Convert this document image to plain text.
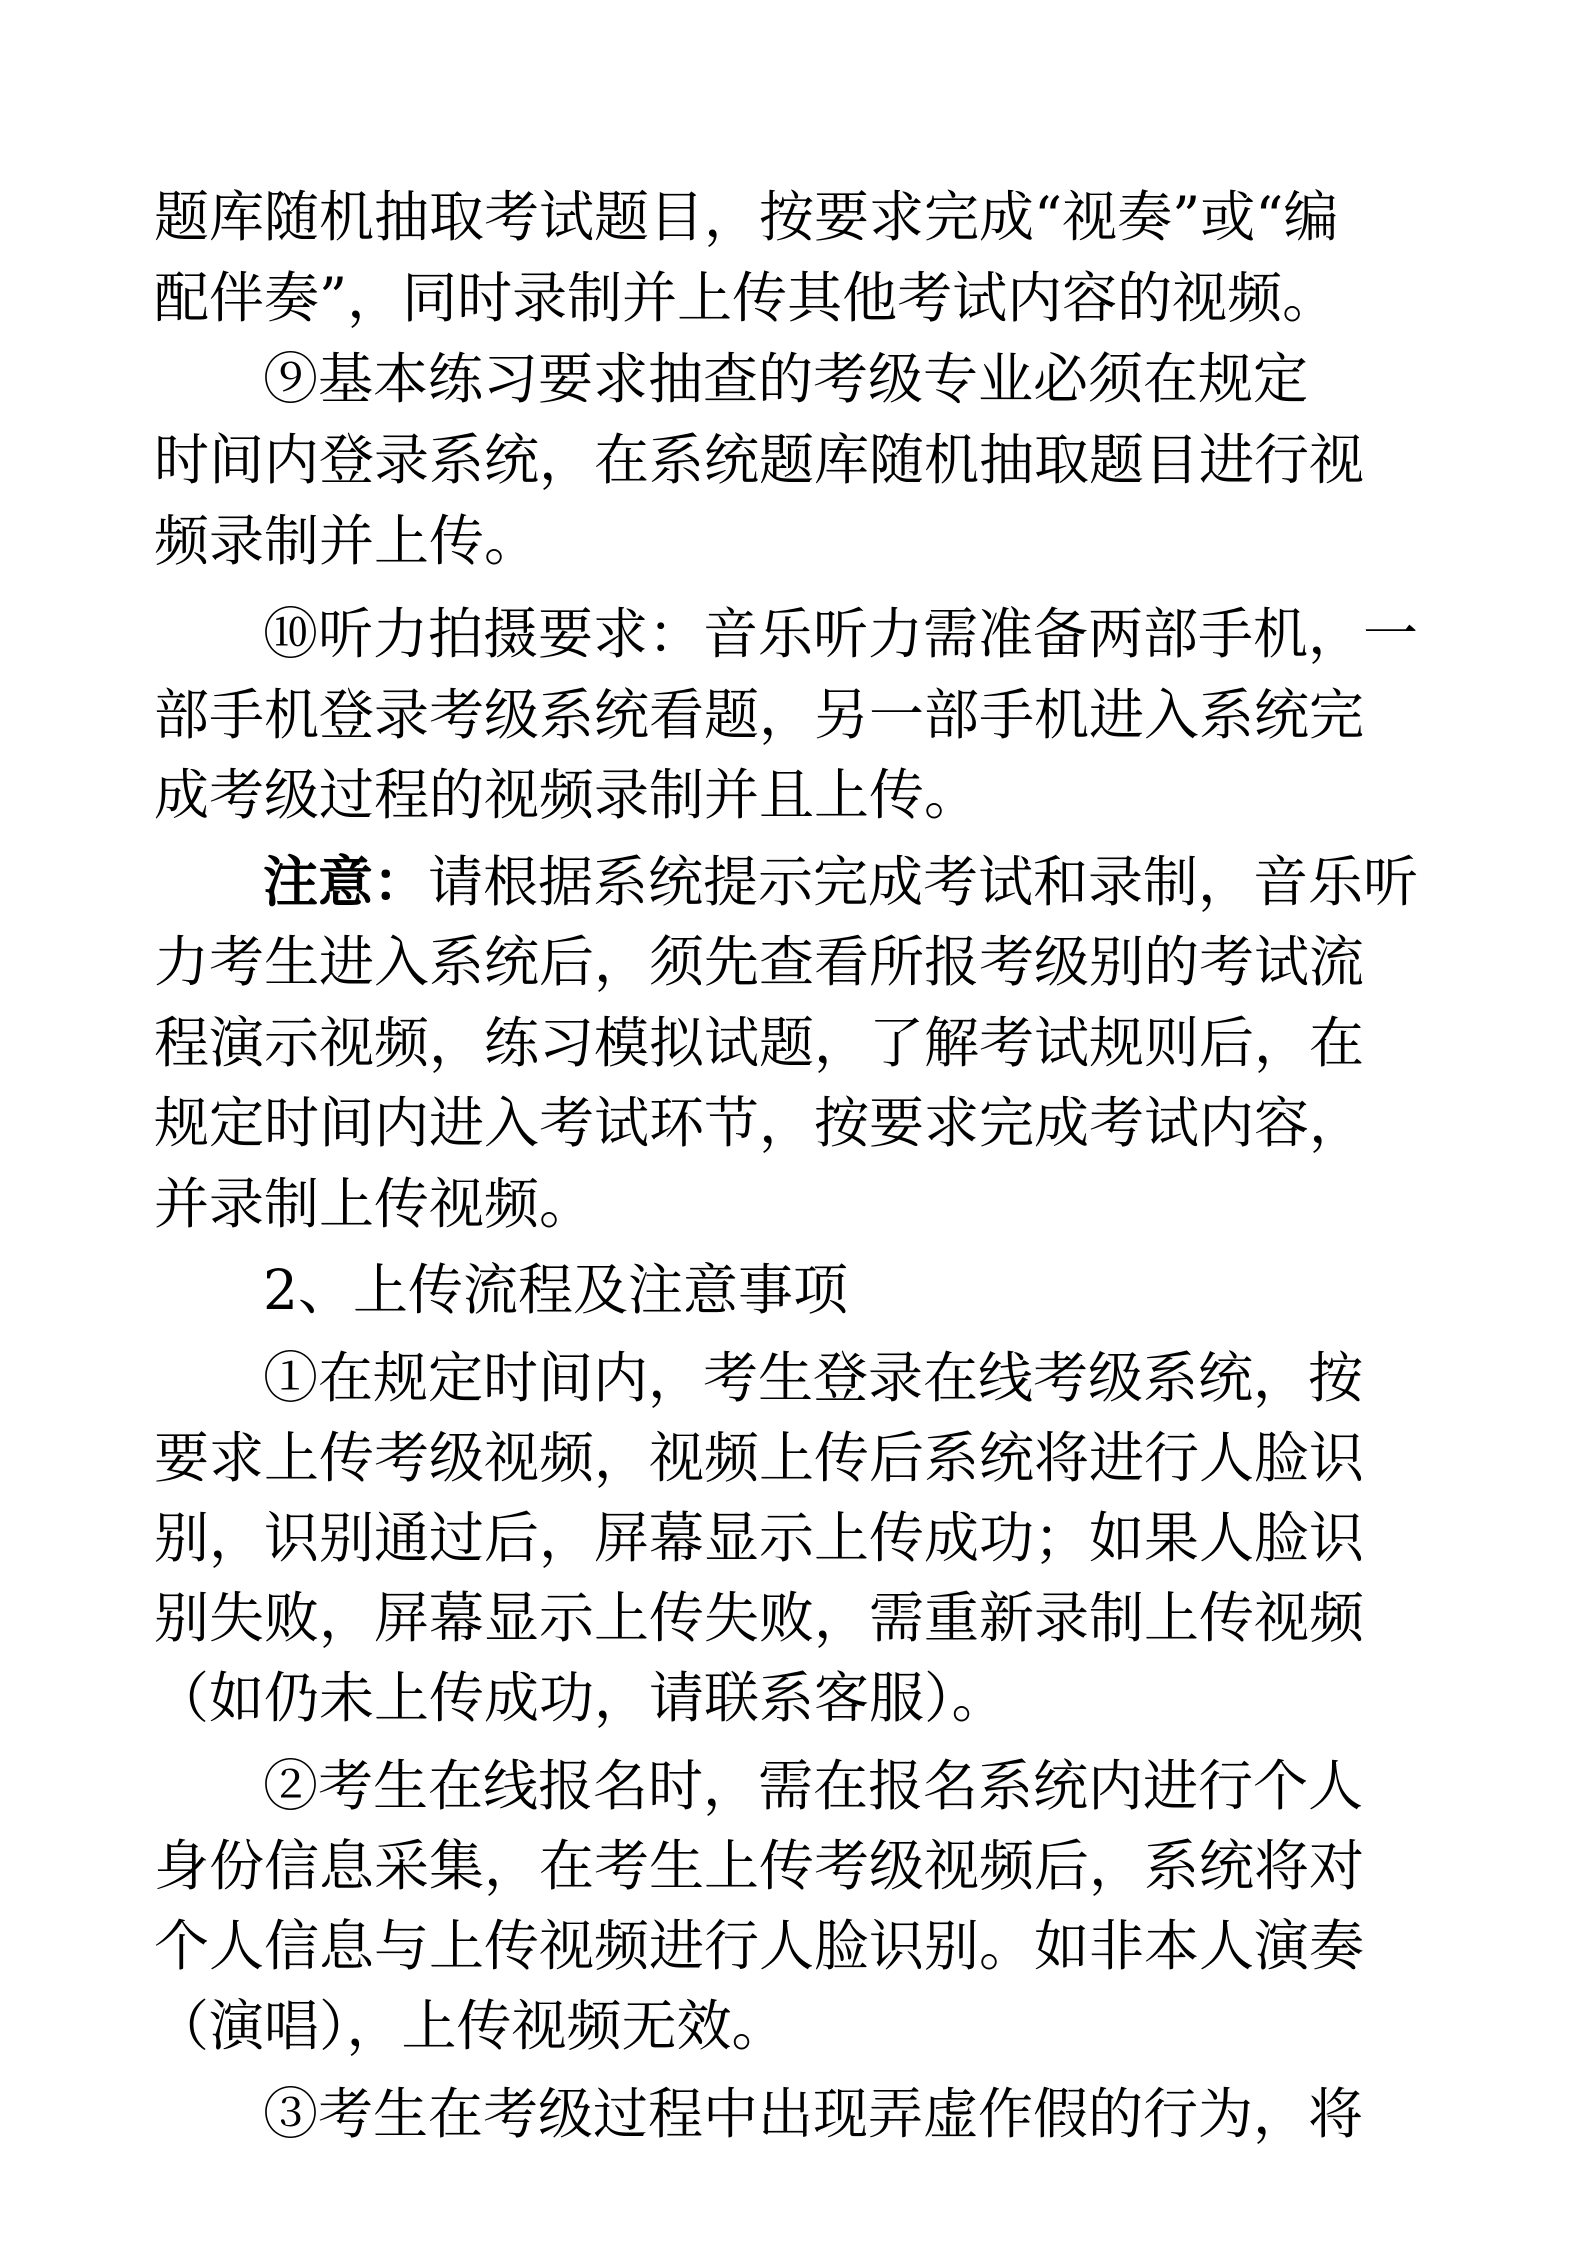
题库随机抽取考试题目，按要求完成“视奏”或“编

配伴奏”，同时录制并上传其他考试内容的视频。

⑨基本练习要求抽查的考级专业必须在规定

时间内登录系统，在系统题库随机抽取题目进行视

频录制并上传。

⑩听力拍摄要求：音乐听力需准备两部手机，一

部手机登录考级系统看题，另一部手机进入系统完

成考级过程的视频录制并且上传。

注意：请根据系统提示完成考试和录制，音乐听

力考生进入系统后，须先查看所报考级别的考试流

程演示视频，练习模拟试题，了解考试规则后，在

规定时间内进入考试环节，按要求完成考试内容，

并录制上传视频。

2、上传流程及注意事项

①在规定时间内，考生登录在线考级系统，按

要求上传考级视频，视频上传后系统将进行人脸识

别，识别通过后，屏幕显示上传成功；如果人脸识

别失败，屏幕显示上传失败，需重新录制上传视频

（如仍未上传成功，请联系客服）。

②考生在线报名时，需在报名系统内进行个人

身份信息采集，在考生上传考级视频后，系统将对

个人信息与上传视频进行人脸识别。如非本人演奏

（演唱），上传视频无效。

③考生在考级过程中出现弄虚作假的行为，将
